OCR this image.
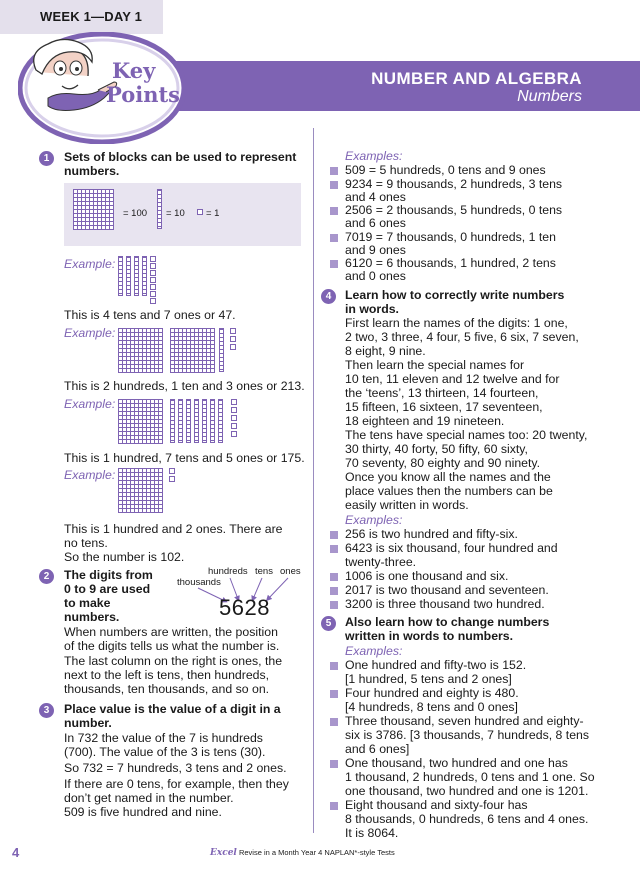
WEEK 1—DAY 1
Key
Points
NUMBER AND ALGEBRA
Numbers
1	Sets of blocks can be used to represent
numbers.
= 100 = 10 = 1
Example:
This is 4 tens and 7 ones or 47.
Example:
This is 2 hundreds, 1 ten and 3 ones or 213.
Example:
This is 1 hundred, 7 tens and 5 ones or 175.
Example:
This is 1 hundred and 2 ones. There are
no tens.
So the number is 102.
2	The digits from
0 to 9 are used
to make
numbers.
thousands
hundreds tens ones
5628
When numbers are written, the position
of the digits tells us what the number is.
The last column on the right is ones, the
next to the left is tens, then hundreds,
thousands, ten thousands, and so on.
3	Place value is the value of a digit in a
number.
In 732 the value of the 7 is hundreds
(700). The value of the 3 is tens (30).
So 732 = 7 hundreds, 3 tens and 2 ones.
If there are 0 tens, for example, then they
don’t get named in the number.
509 is five hundred and nine.
Examples:
509 = 5 hundreds, 0 tens and 9 ones
9234 = 9 thousands, 2 hundreds, 3 tens
and 4 ones
2506 = 2 thousands, 5 hundreds, 0 tens
and 6 ones
7019 = 7 thousands, 0 hundreds, 1 ten
and 9 ones
6120 = 6 thousands, 1 hundred, 2 tens
and 0 ones
4	Learn how to correctly write numbers
in words.
First learn the names of the digits: 1 one,
2 two, 3 three, 4 four, 5 five, 6 six, 7 seven,
8 eight, 9 nine.
Then learn the special names for
10 ten, 11 eleven and 12 twelve and for
the ‘teens’, 13 thirteen, 14 fourteen,
15 fifteen, 16 sixteen, 17 seventeen,
18 eighteen and 19 nineteen.
The tens have special names too: 20 twenty,
30 thirty, 40 forty, 50 fifty, 60 sixty,
70 seventy, 80 eighty and 90 ninety.
Once you know all the names and the
place values then the numbers can be
easily written in words.
Examples:
256 is two hundred and fifty-six.
6423 is six thousand, four hundred and
twenty-three.
1006 is one thousand and six.
2017 is two thousand and seventeen.
3200 is three thousand two hundred.
5	Also learn how to change numbers
written in words to numbers.
Examples:
One hundred and fifty-two is 152.
[1 hundred, 5 tens and 2 ones]
Four hundred and eighty is 480.
[4 hundreds, 8 tens and 0 ones]
Three thousand, seven hundred and eighty-
six is 3786. [3 thousands, 7 hundreds, 8 tens
and 6 ones]
One thousand, two hundred and one has
1 thousand, 2 hundreds, 0 tens and 1 one. So
one thousand, two hundred and one is 1201.
Eight thousand and sixty-four has
8 thousands, 0 hundreds, 6 tens and 4 ones.
It is 8064.
4	Excel Revise in a Month Year 4 NAPLAN*-style Tests
